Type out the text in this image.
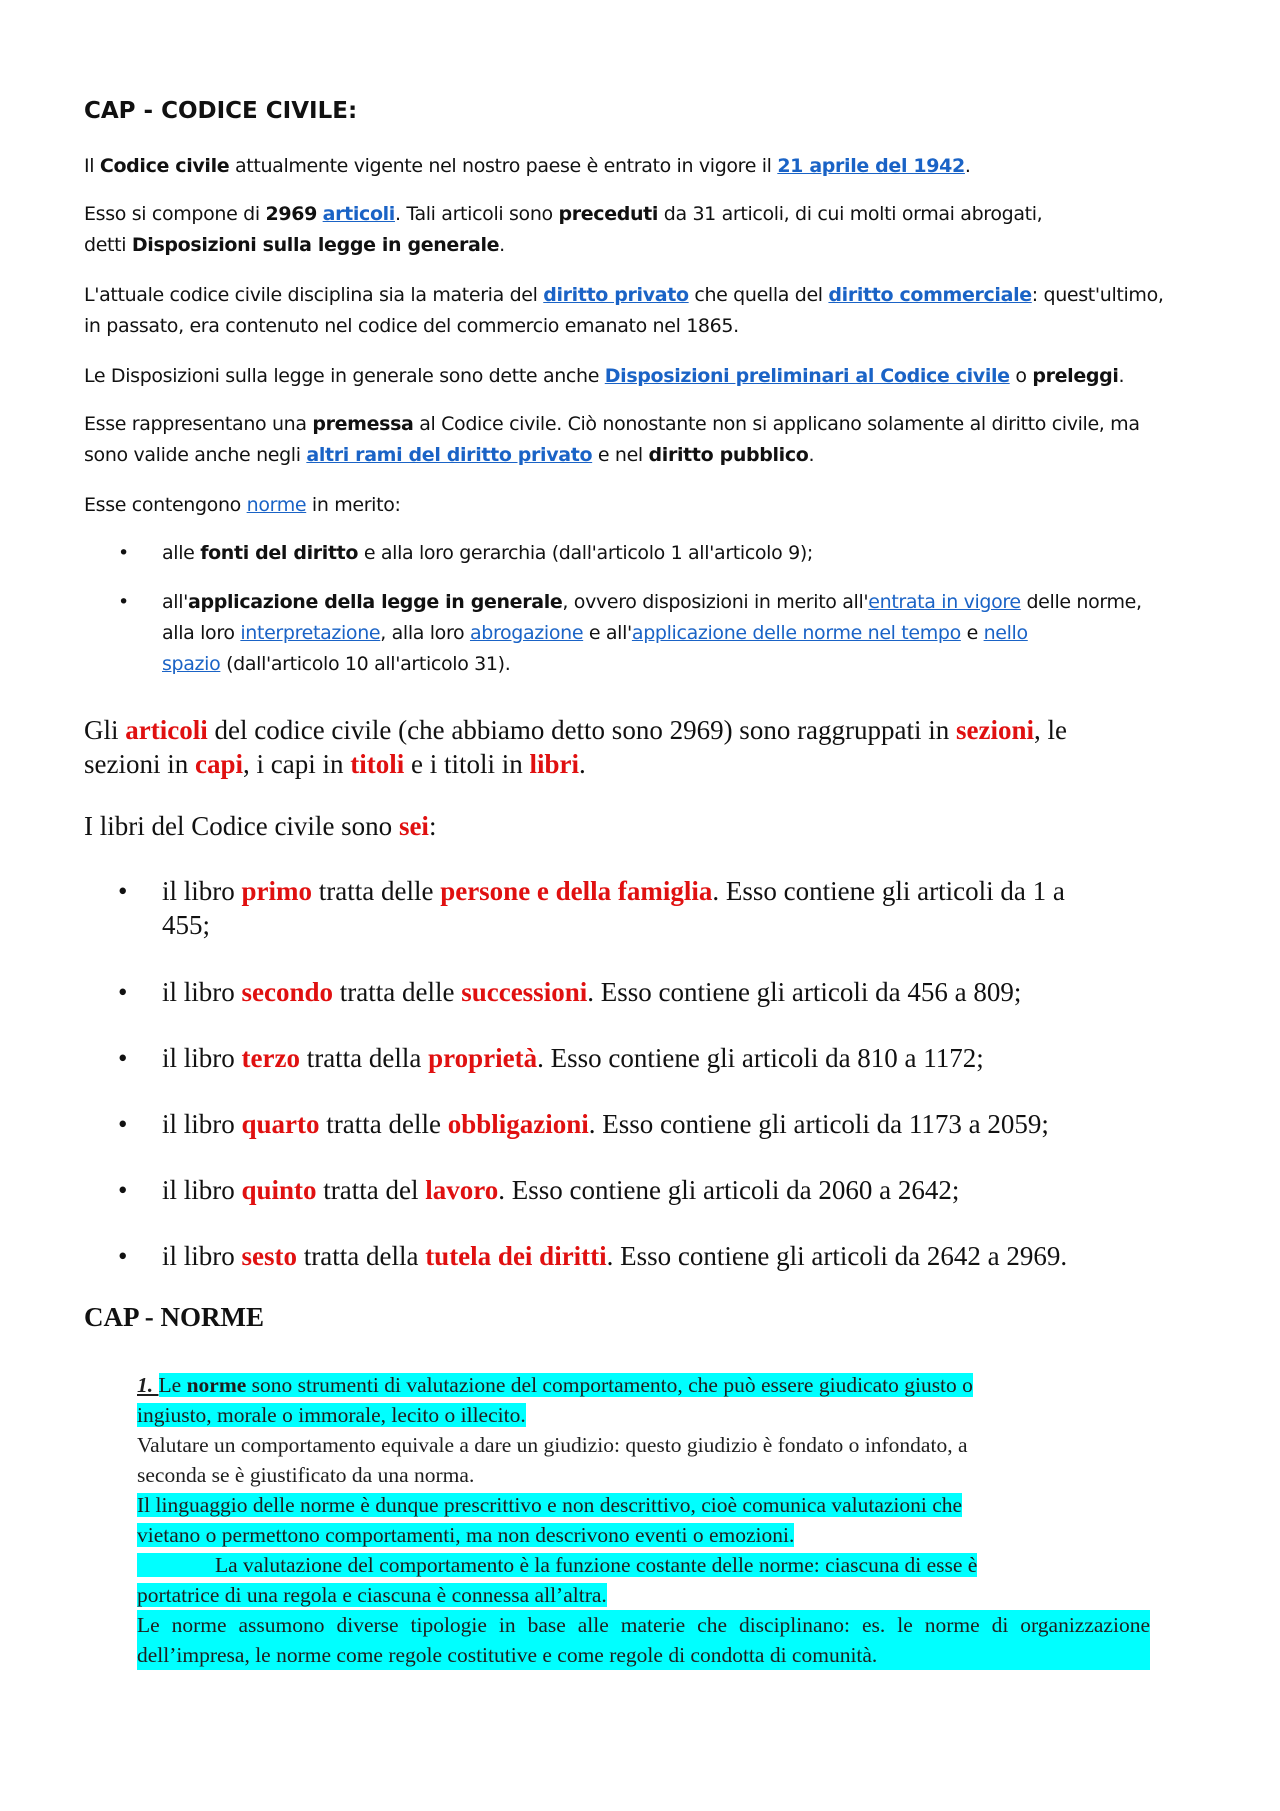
CAP - CODICE CIVILE:

Il Codice civile attualmente vigente nel nostro paese è entrato in vigore il 21 aprile del 1942.

Esso si compone di 2969 articoli. Tali articoli sono preceduti da 31 articoli, di cui molti ormai abrogati,
detti Disposizioni sulla legge in generale.

L'attuale codice civile disciplina sia la materia del diritto privato che quella del diritto commerciale: quest'ultimo,
in passato, era contenuto nel codice del commercio emanato nel 1865.

Le Disposizioni sulla legge in generale sono dette anche Disposizioni preliminari al Codice civile o preleggi.

Esse rappresentano una premessa al Codice civile. Ciò nonostante non si applicano solamente al diritto civile, ma
sono valide anche negli altri rami del diritto privato e nel diritto pubblico.

Esse contengono norme in merito:

• alle fonti del diritto e alla loro gerarchia (dall'articolo 1 all'articolo 9);

• all'applicazione della legge in generale, ovvero disposizioni in merito all'entrata in vigore delle norme,
alla loro interpretazione, alla loro abrogazione e all'applicazione delle norme nel tempo e nello
spazio (dall'articolo 10 all'articolo 31).

Gli articoli del codice civile (che abbiamo detto sono 2969) sono raggruppati in sezioni, le
sezioni in capi, i capi in titoli e i titoli in libri.

I libri del Codice civile sono sei:

• il libro primo tratta delle persone e della famiglia. Esso contiene gli articoli da 1 a
455;

• il libro secondo tratta delle successioni. Esso contiene gli articoli da 456 a 809;

• il libro terzo tratta della proprietà. Esso contiene gli articoli da 810 a 1172;

• il libro quarto tratta delle obbligazioni. Esso contiene gli articoli da 1173 a 2059;

• il libro quinto tratta del lavoro. Esso contiene gli articoli da 2060 a 2642;

• il libro sesto tratta della tutela dei diritti. Esso contiene gli articoli da 2642 a 2969.

CAP - NORME
1. Le norme sono strumenti di valutazione del comportamento, che può essere giudicato giusto o
ingiusto, morale o immorale, lecito o illecito.
Valutare un comportamento equivale a dare un giudizio: questo giudizio è fondato o infondato, a
seconda se è giustificato da una norma.
Il linguaggio delle norme è dunque prescrittivo e non descrittivo, cioè comunica valutazioni che
vietano o permettono comportamenti, ma non descrivono eventi o emozioni.
La valutazione del comportamento è la funzione costante delle norme: ciascuna di esse è
portatrice di una regola e ciascuna è connessa all’altra.
Le norme assumono diverse tipologie in base alle materie che disciplinano: es. le norme di organizzazione dell’impresa, le norme come regole costitutive e come regole di condotta di comunità.
